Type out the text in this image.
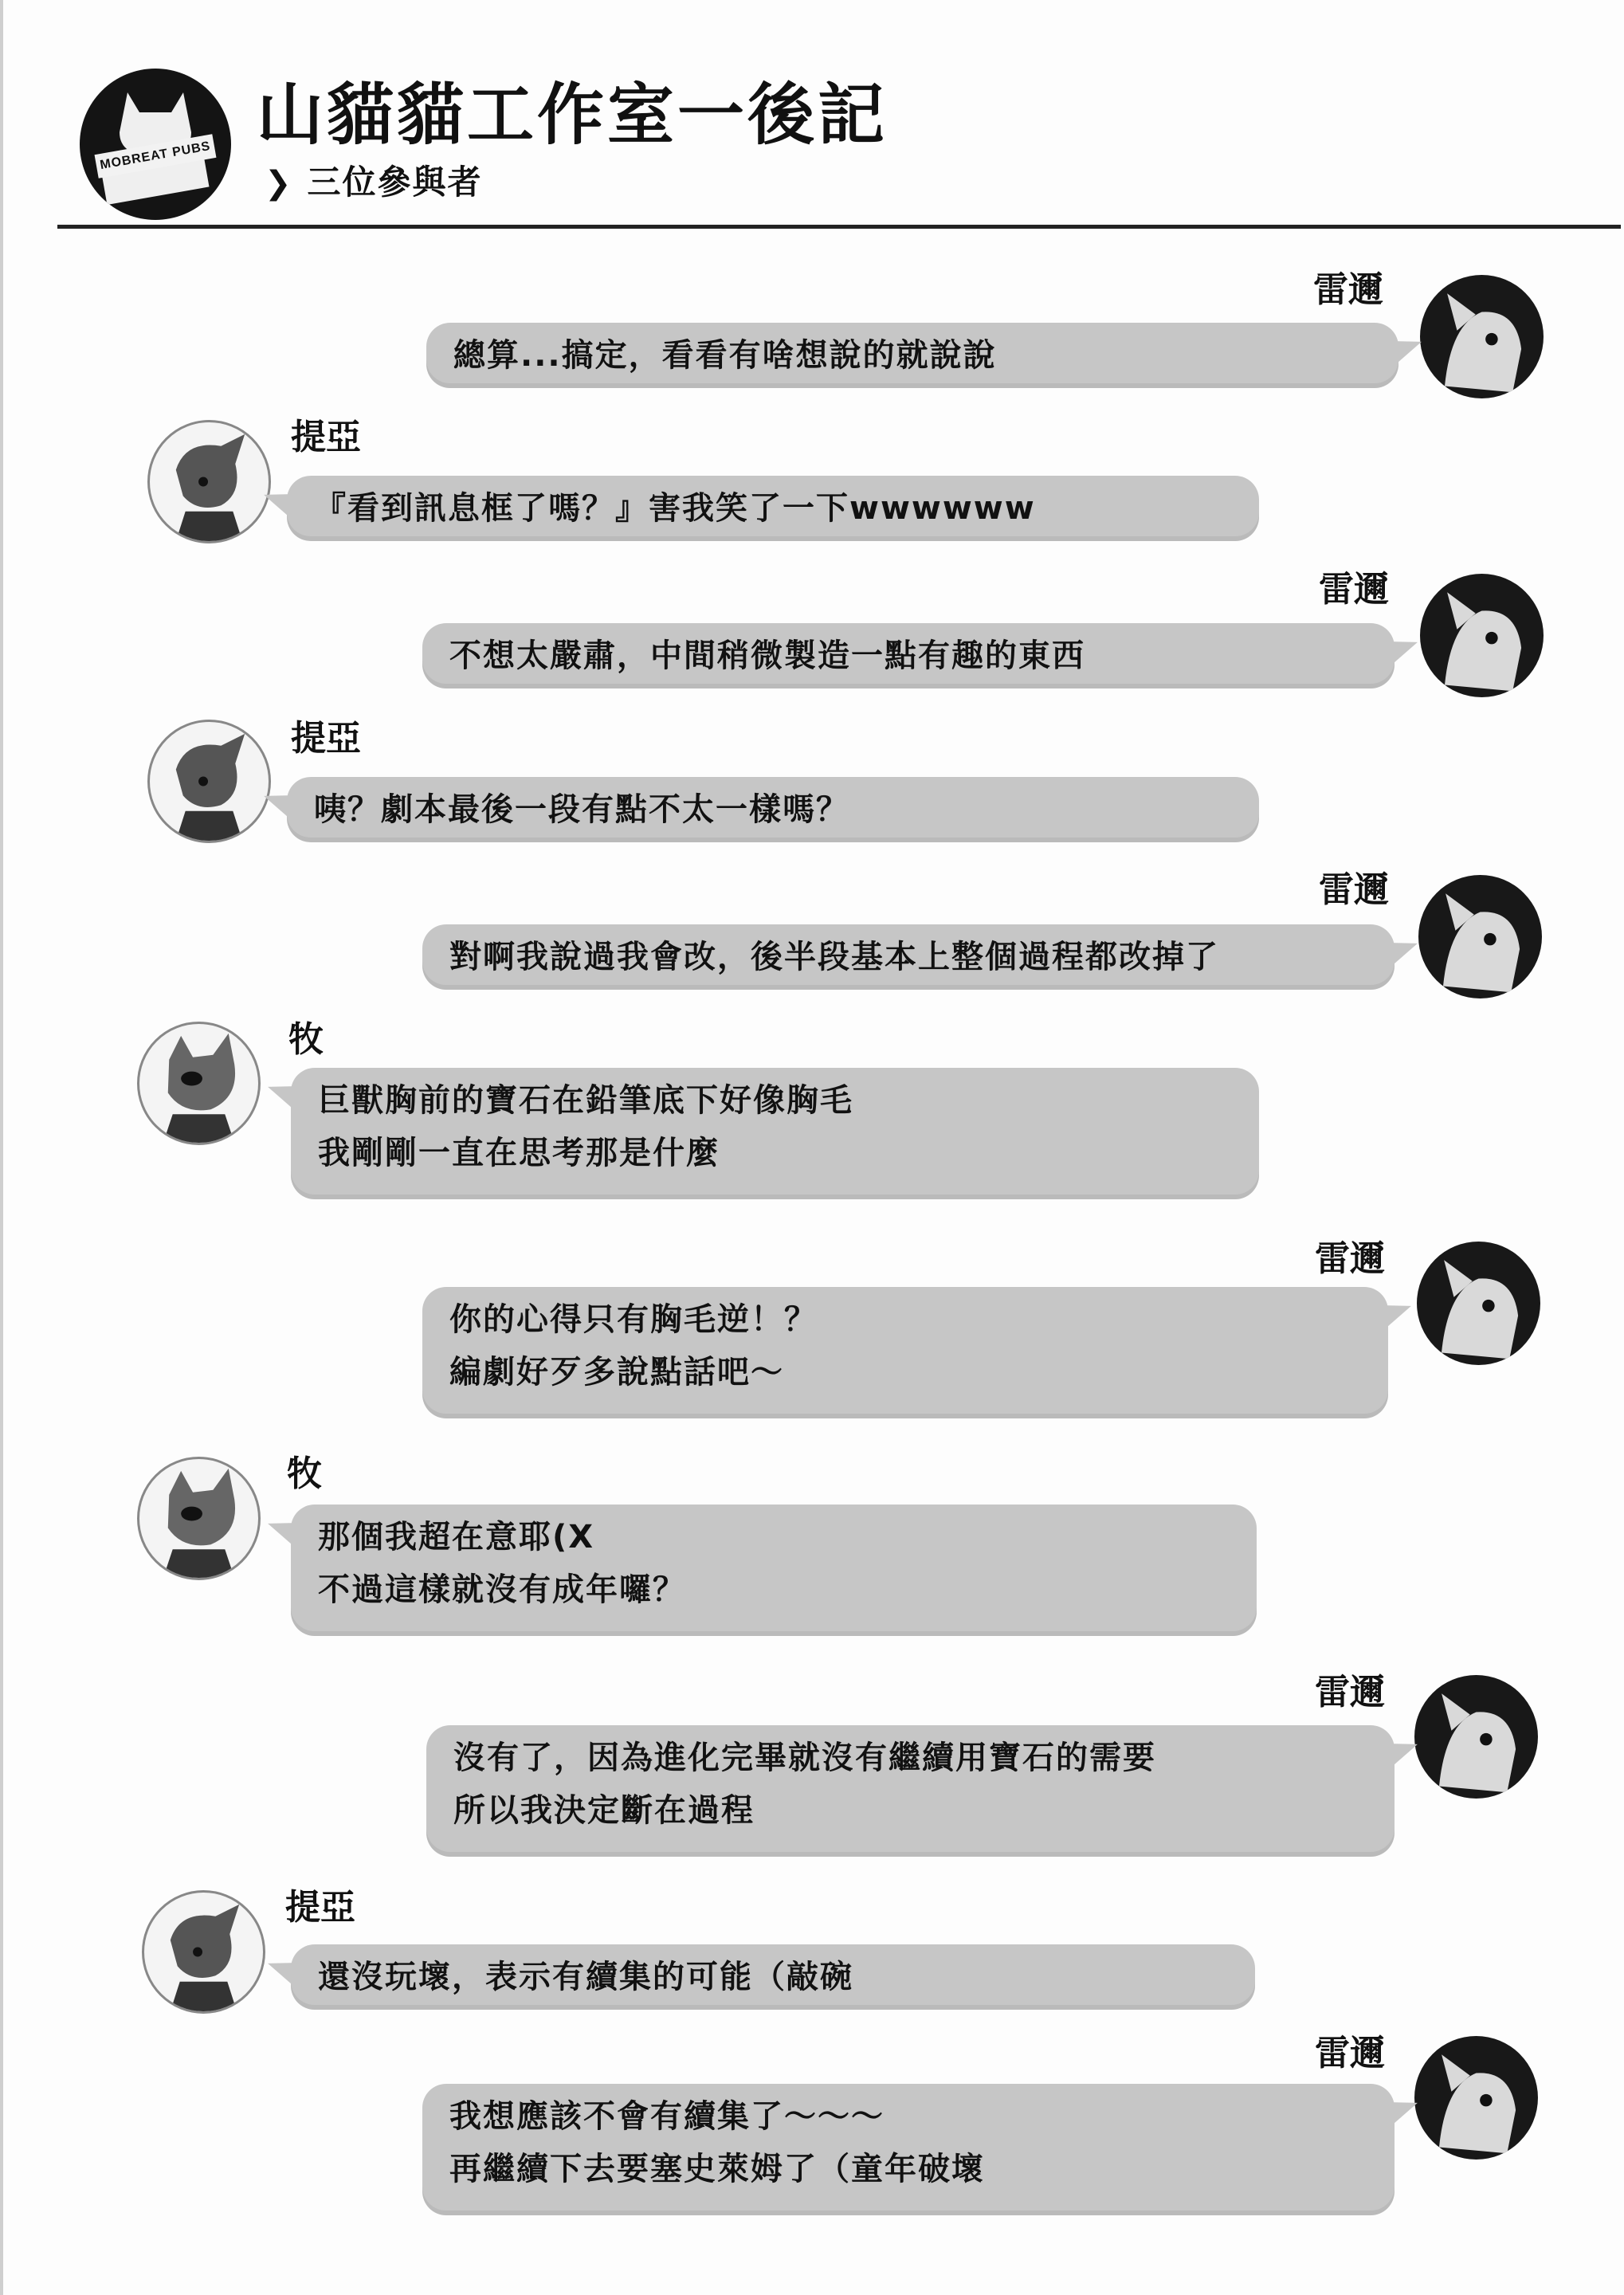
MOBREAT PUBS
山貓貓工作室一後記
❯ 三位參與者
雷邇
總算...搞定，看看有啥想說的就說說
提亞
『看到訊息框了嗎？』害我笑了一下wwwwww
雷邇
不想太嚴肅，中間稍微製造一點有趣的東西
提亞
咦？劇本最後一段有點不太一樣嗎？
雷邇
對啊我說過我會改，後半段基本上整個過程都改掉了
牧
巨獸胸前的寶石在鉛筆底下好像胸毛
我剛剛一直在思考那是什麼
雷邇
你的心得只有胸毛逆！？
編劇好歹多說點話吧～
牧
那個我超在意耶(X
不過這樣就沒有成年囉？
雷邇
沒有了，因為進化完畢就沒有繼續用寶石的需要
所以我決定斷在過程
提亞
還沒玩壞，表示有續集的可能（敲碗
雷邇
我想應該不會有續集了～～～
再繼續下去要塞史萊姆了（童年破壞
